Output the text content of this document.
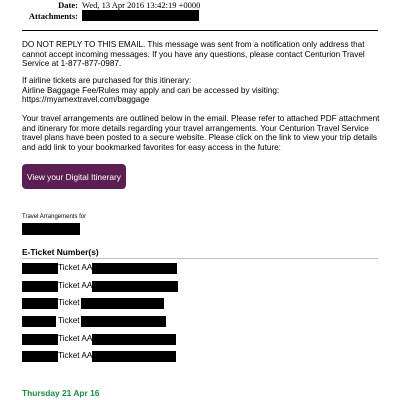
Date: Wed, 13 Apr 2016 13:42:19 +0000
Attachments:

DO NOT REPLY TO THIS EMAIL. This message was sent from a notification only address that cannot accept incoming messages. If you have any questions, please contact Centurion Travel Service at 1-877-877-0987.

If airline tickets are purchased for this itinerary:

Airline Baggage Fee/Rules may apply and can be accessed by visiting:

https://myamextravel.com/baggage

Your travel arrangements are outlined below in the email. Please refer to attached PDF attachment and itinerary for more details regarding your travel arrangements. Your Centurion Travel Service travel plans have been posted to a secure website. Please click on the link to view your trip details and add link to your bookmarked favorites for easy access in the future:

View your Digital Itinerary
Travel Arrangements for
E-Ticket Number(s)
Ticket AA
Ticket AA
Ticket
Ticket
Ticket AA
Ticket AA
Thursday 21 Apr 16
